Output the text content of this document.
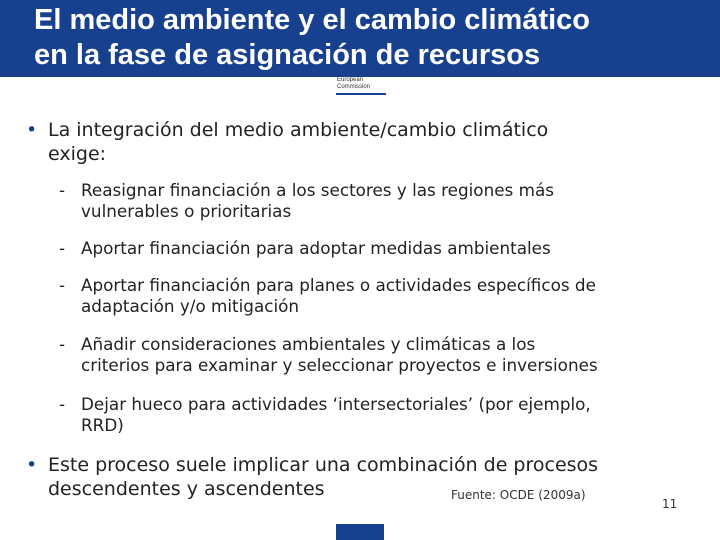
El medio ambiente y el cambio climático
en la fase de asignación de recursos
European
Commission
• La integración del medio ambiente/cambio climático
exige:
- Reasignar financiación a los sectores y las regiones más
vulnerables o prioritarias
- Aportar financiación para adoptar medidas ambientales
- Aportar financiación para planes o actividades específicos de
adaptación y/o mitigación
- Añadir consideraciones ambientales y climáticas a los
criterios para examinar y seleccionar proyectos e inversiones
- Dejar hueco para actividades ‘intersectoriales’ (por ejemplo,
RRD)
• Este proceso suele implicar una combinación de procesos
descendentes y ascendentes	Fuente: OCDE (2009a)
11
